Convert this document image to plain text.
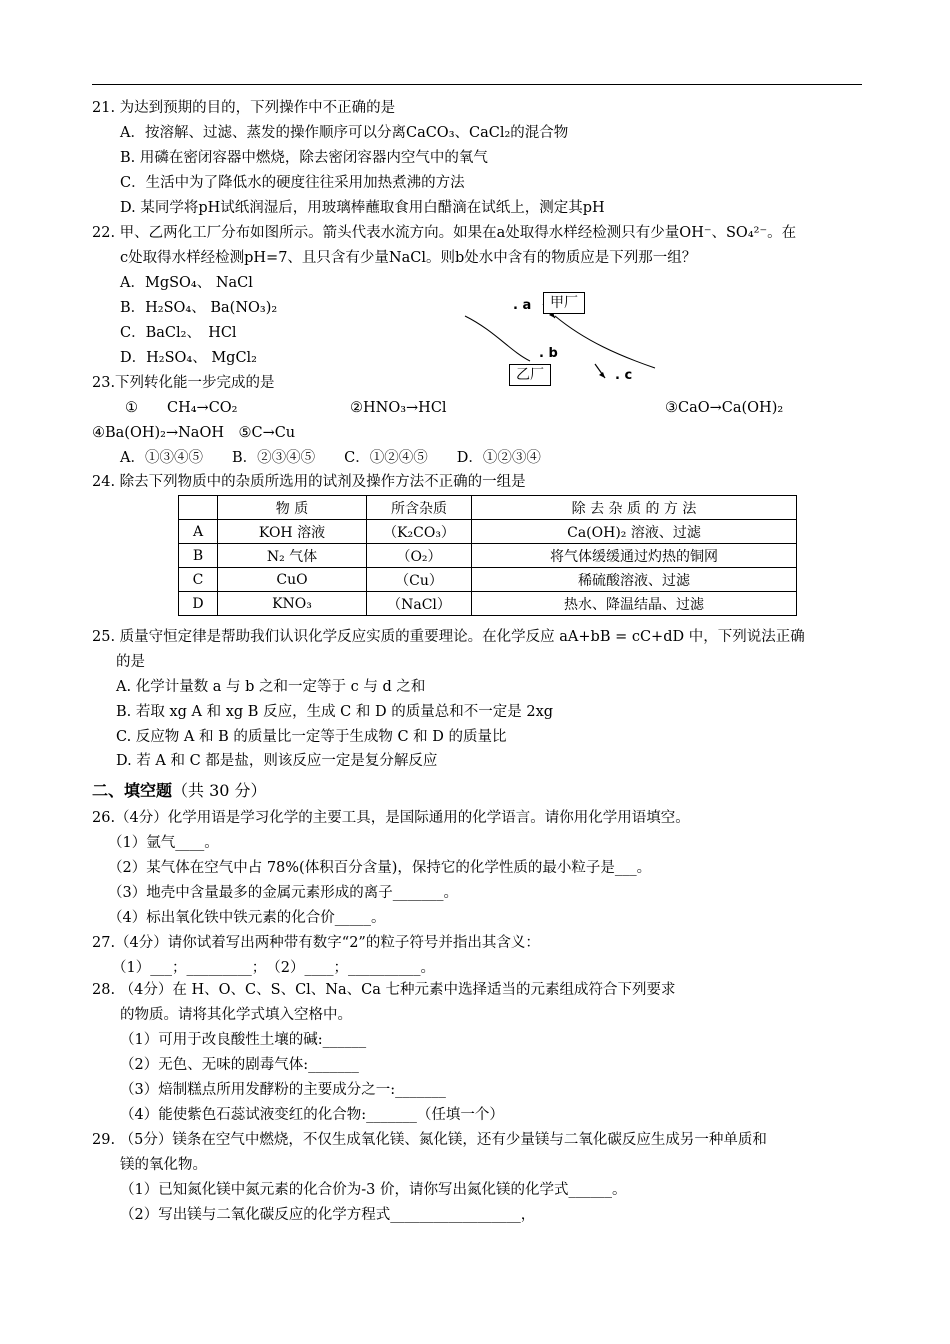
21. 为达到预期的目的，下列操作中不正确的是
A．按溶解、过滤、蒸发的操作顺序可以分离CaCO₃、CaCl₂的混合物
B. 用磷在密闭容器中燃烧，除去密闭容器内空气中的氧气
C．生活中为了降低水的硬度往往采用加热煮沸的方法
D. 某同学将pH试纸润湿后，用玻璃棒蘸取食用白醋滴在试纸上，测定其pH
22. 甲、乙两化工厂分布如图所示。箭头代表水流方向。如果在a处取得水样经检测只有少量OH⁻、SO₄²⁻。在
c处取得水样经检测pH=7、且只含有少量NaCl。则b处水中含有的物质应是下列那一组？
A．MgSO₄、 NaCl
B．H₂SO₄、 Ba(NO₃)₂
C．BaCl₂、　HCl
D．H₂SO₄、 MgCl₂
甲厂
乙厂
. a
. b
. c
23.下列转化能一步完成的是
①　　CH₄→CO₂	②HNO₃→HCl	③CaO→Ca(OH)₂
④Ba(OH)₂→NaOH　⑤C→Cu
A．①③④⑤　　B．②③④⑤　　C．①②④⑤　　D．①②③④
24. 除去下列物质中的杂质所选用的试剂及操作方法不正确的一组是
	物 质	所含杂质	除 去 杂 质 的 方 法
A	KOH 溶液	（K₂CO₃）	Ca(OH)₂ 溶液、过滤
B	N₂ 气体	（O₂）	将气体缓缓通过灼热的铜网
C	CuO	（Cu）	稀硫酸溶液、过滤
D	KNO₃	（NaCl）	热水、降温结晶、过滤
25. 质量守恒定律是帮助我们认识化学反应实质的重要理论。在化学反应 aA+bB = cC+dD 中，下列说法正确
的是
A. 化学计量数 a 与 b 之和一定等于 c 与 d 之和
B. 若取 xg A 和 xg B 反应，生成 C 和 D 的质量总和不一定是 2xg
C. 反应物 A 和 B 的质量比一定等于生成物 C 和 D 的质量比
D. 若 A 和 C 都是盐，则该反应一定是复分解反应
二、填空题（共 30 分）
26.（4分）化学用语是学习化学的主要工具，是国际通用的化学语言。请你用化学用语填空。
（1）氩气____。
（2）某气体在空气中占 78%(体积百分含量)，保持它的化学性质的最小粒子是___。
（3）地壳中含量最多的金属元素形成的离子_______。
（4）标出氧化铁中铁元素的化合价_____。
27.（4分）请你试着写出两种带有数字“2”的粒子符号并指出其含义：
（1）___；_________；　（2）____；__________。
28. （4分）在 H、O、C、S、Cl、Na、Ca 七种元素中选择适当的元素组成符合下列要求
的物质。请将其化学式填入空格中。
（1）可用于改良酸性土壤的碱:______
（2）无色、无味的剧毒气体:_______
（3）焙制糕点所用发酵粉的主要成分之一:_______
（4）能使紫色石蕊试液变红的化合物:_______（任填一个）
29. （5分）镁条在空气中燃烧，不仅生成氧化镁、氮化镁，还有少量镁与二氧化碳反应生成另一种单质和
镁的氧化物。
（1）已知氮化镁中氮元素的化合价为-3 价，请你写出氮化镁的化学式______。
（2）写出镁与二氧化碳反应的化学方程式__________________，
